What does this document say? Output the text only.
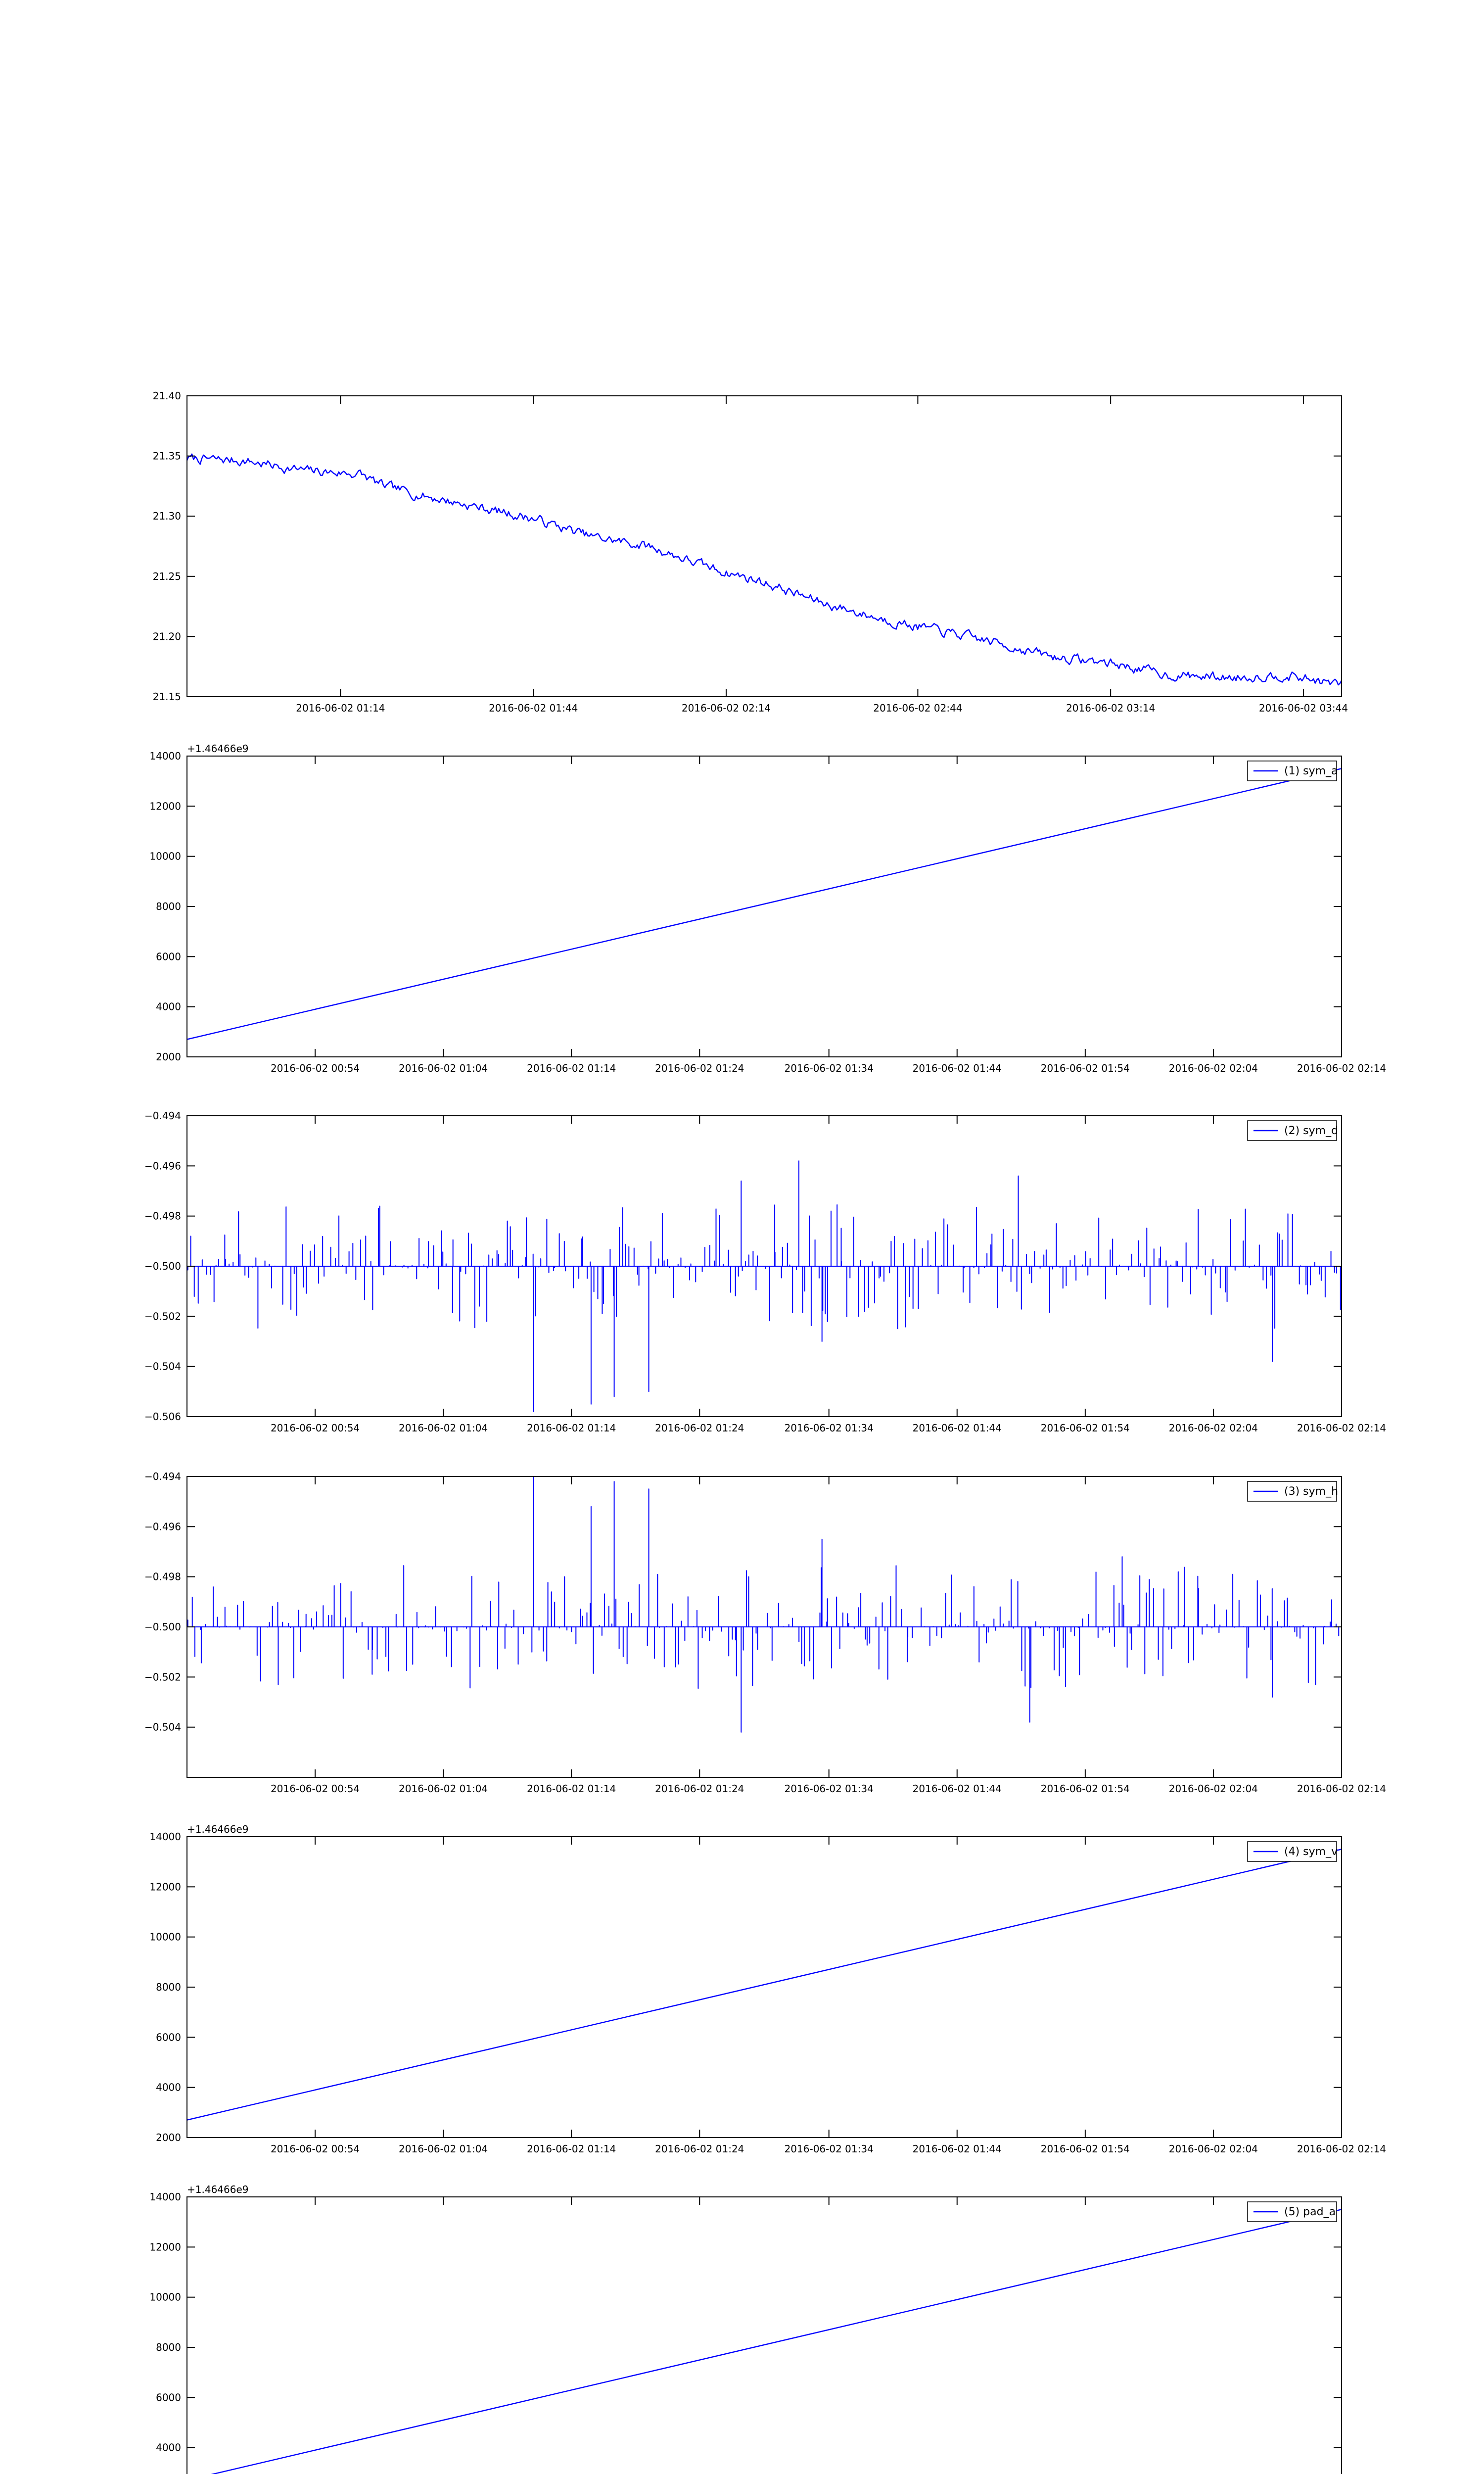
21.15
21.20
21.25
21.30
21.35
21.40
2016-06-02 01:14	2016-06-02 01:44	2016-06-02 02:14	2016-06-02 02:44	2016-06-02 03:14	2016-06-02 03:44
2000
4000
6000
8000
10000
12000
14000
2016-06-02 00:54	2016-06-02 01:04	2016-06-02 01:14	2016-06-02 01:24	2016-06-02 01:34	2016-06-02 01:44	2016-06-02 01:54	2016-06-02 02:04	2016-06-02 02:14
+1.46466e9
(1) sym_a
−0.506
−0.504
−0.502
−0.500
−0.498
−0.496
−0.494
2016-06-02 00:54	2016-06-02 01:04	2016-06-02 01:14	2016-06-02 01:24	2016-06-02 01:34	2016-06-02 01:44	2016-06-02 01:54	2016-06-02 02:04	2016-06-02 02:14
(2) sym_d
−0.504
−0.502
−0.500
−0.498
−0.496
−0.494
2016-06-02 00:54	2016-06-02 01:04	2016-06-02 01:14	2016-06-02 01:24	2016-06-02 01:34	2016-06-02 01:44	2016-06-02 01:54	2016-06-02 02:04	2016-06-02 02:14
(3) sym_h
2000
4000
6000
8000
10000
12000
14000
2016-06-02 00:54	2016-06-02 01:04	2016-06-02 01:14	2016-06-02 01:24	2016-06-02 01:34	2016-06-02 01:44	2016-06-02 01:54	2016-06-02 02:04	2016-06-02 02:14
+1.46466e9
(4) sym_v
4000
6000
8000
10000
12000
14000
+1.46466e9
(5) pad_a
